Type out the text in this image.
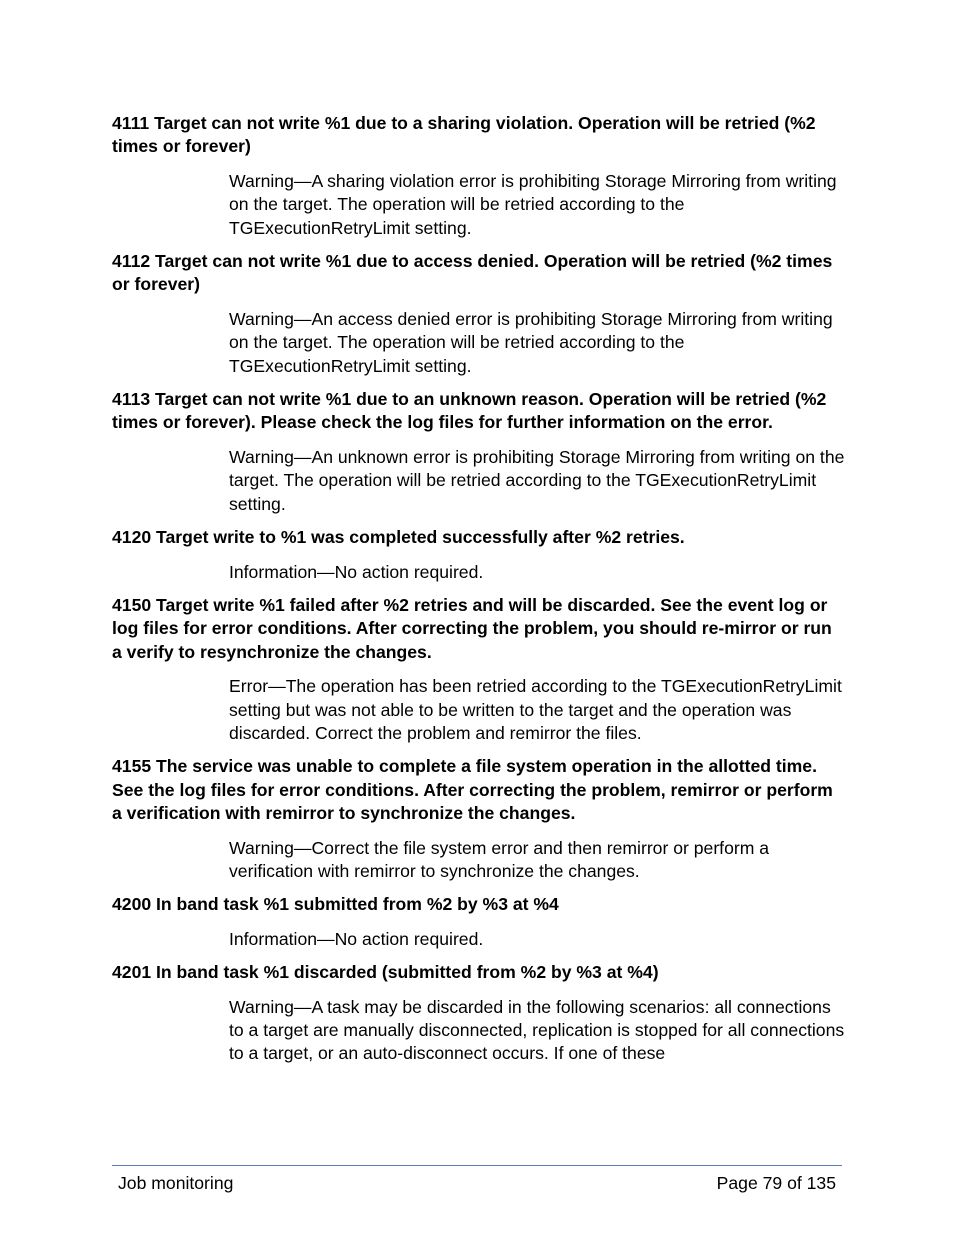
4111 Target can not write %1 due to a sharing violation. Operation will be retried (%2 times or forever)
Warning—A sharing violation error is prohibiting Storage Mirroring from writing on the target. The operation will be retried according to the TGExecutionRetryLimit setting.
4112 Target can not write %1 due to access denied. Operation will be retried (%2 times or forever)
Warning—An access denied error is prohibiting Storage Mirroring from writing on the target. The operation will be retried according to the TGExecutionRetryLimit setting.
4113 Target can not write %1 due to an unknown reason. Operation will be retried (%2 times or forever). Please check the log files for further information on the error.
Warning—An unknown error is prohibiting Storage Mirroring from writing on the target. The operation will be retried according to the TGExecutionRetryLimit setting.
4120 Target write to %1 was completed successfully after %2 retries.
Information—No action required.
4150 Target write %1 failed after %2 retries and will be discarded. See the event log or log files for error conditions. After correcting the problem, you should re-mirror or run a verify to resynchronize the changes.
Error—The operation has been retried according to the TGExecutionRetryLimit setting but was not able to be written to the target and the operation was discarded. Correct the problem and remirror the files.
4155 The service was unable to complete a file system operation in the allotted time. See the log files for error conditions. After correcting the problem, remirror or perform a verification with remirror to synchronize the changes.
Warning—Correct the file system error and then remirror or perform a verification with remirror to synchronize the changes.
4200 In band task %1 submitted from %2 by %3 at %4
Information—No action required.
4201 In band task %1 discarded (submitted from %2 by %3 at %4)
Warning—A task may be discarded in the following scenarios: all connections to a target are manually disconnected, replication is stopped for all connections to a target, or an auto-disconnect occurs. If one of these
Job monitoring	Page 79 of 135
